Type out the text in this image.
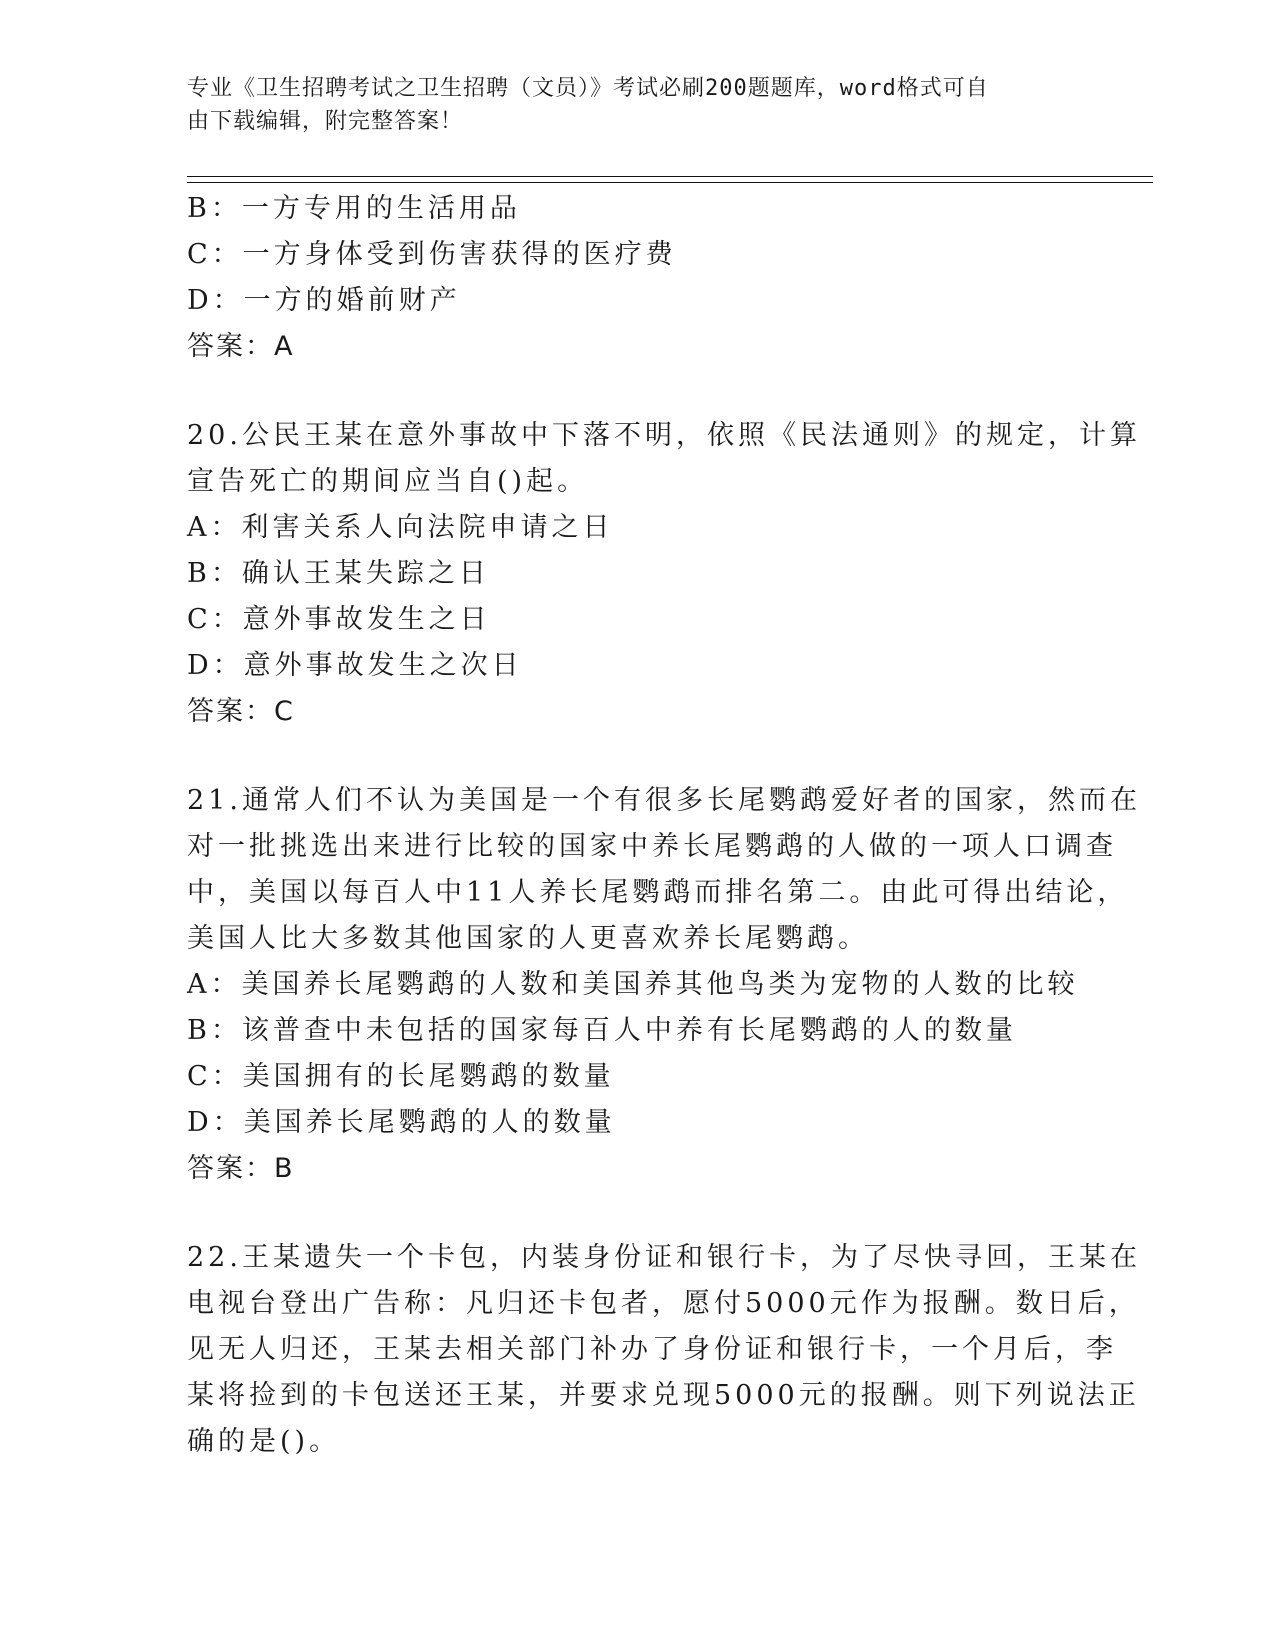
专业《卫生招聘考试之卫生招聘（文员）》考试必刷200题题库，word格式可自
由下载编辑，附完整答案！
B：一方专用的生活用品
C：一方身体受到伤害获得的医疗费
D：一方的婚前财产
答案：A
20.公民王某在意外事故中下落不明，依照《民法通则》的规定，计算
宣告死亡的期间应当自()起。
A：利害关系人向法院申请之日
B：确认王某失踪之日
C：意外事故发生之日
D：意外事故发生之次日
答案：C
21.通常人们不认为美国是一个有很多长尾鹦鹉爱好者的国家，然而在
对一批挑选出来进行比较的国家中养长尾鹦鹉的人做的一项人口调查
中，美国以每百人中11人养长尾鹦鹉而排名第二。由此可得出结论，
美国人比大多数其他国家的人更喜欢养长尾鹦鹉。
A：美国养长尾鹦鹉的人数和美国养其他鸟类为宠物的人数的比较
B：该普查中未包括的国家每百人中养有长尾鹦鹉的人的数量
C：美国拥有的长尾鹦鹉的数量
D：美国养长尾鹦鹉的人的数量
答案：B
22.王某遗失一个卡包，内装身份证和银行卡，为了尽快寻回，王某在
电视台登出广告称：凡归还卡包者，愿付5000元作为报酬。数日后，
见无人归还，王某去相关部门补办了身份证和银行卡，一个月后，李
某将捡到的卡包送还王某，并要求兑现5000元的报酬。则下列说法正
确的是()。
